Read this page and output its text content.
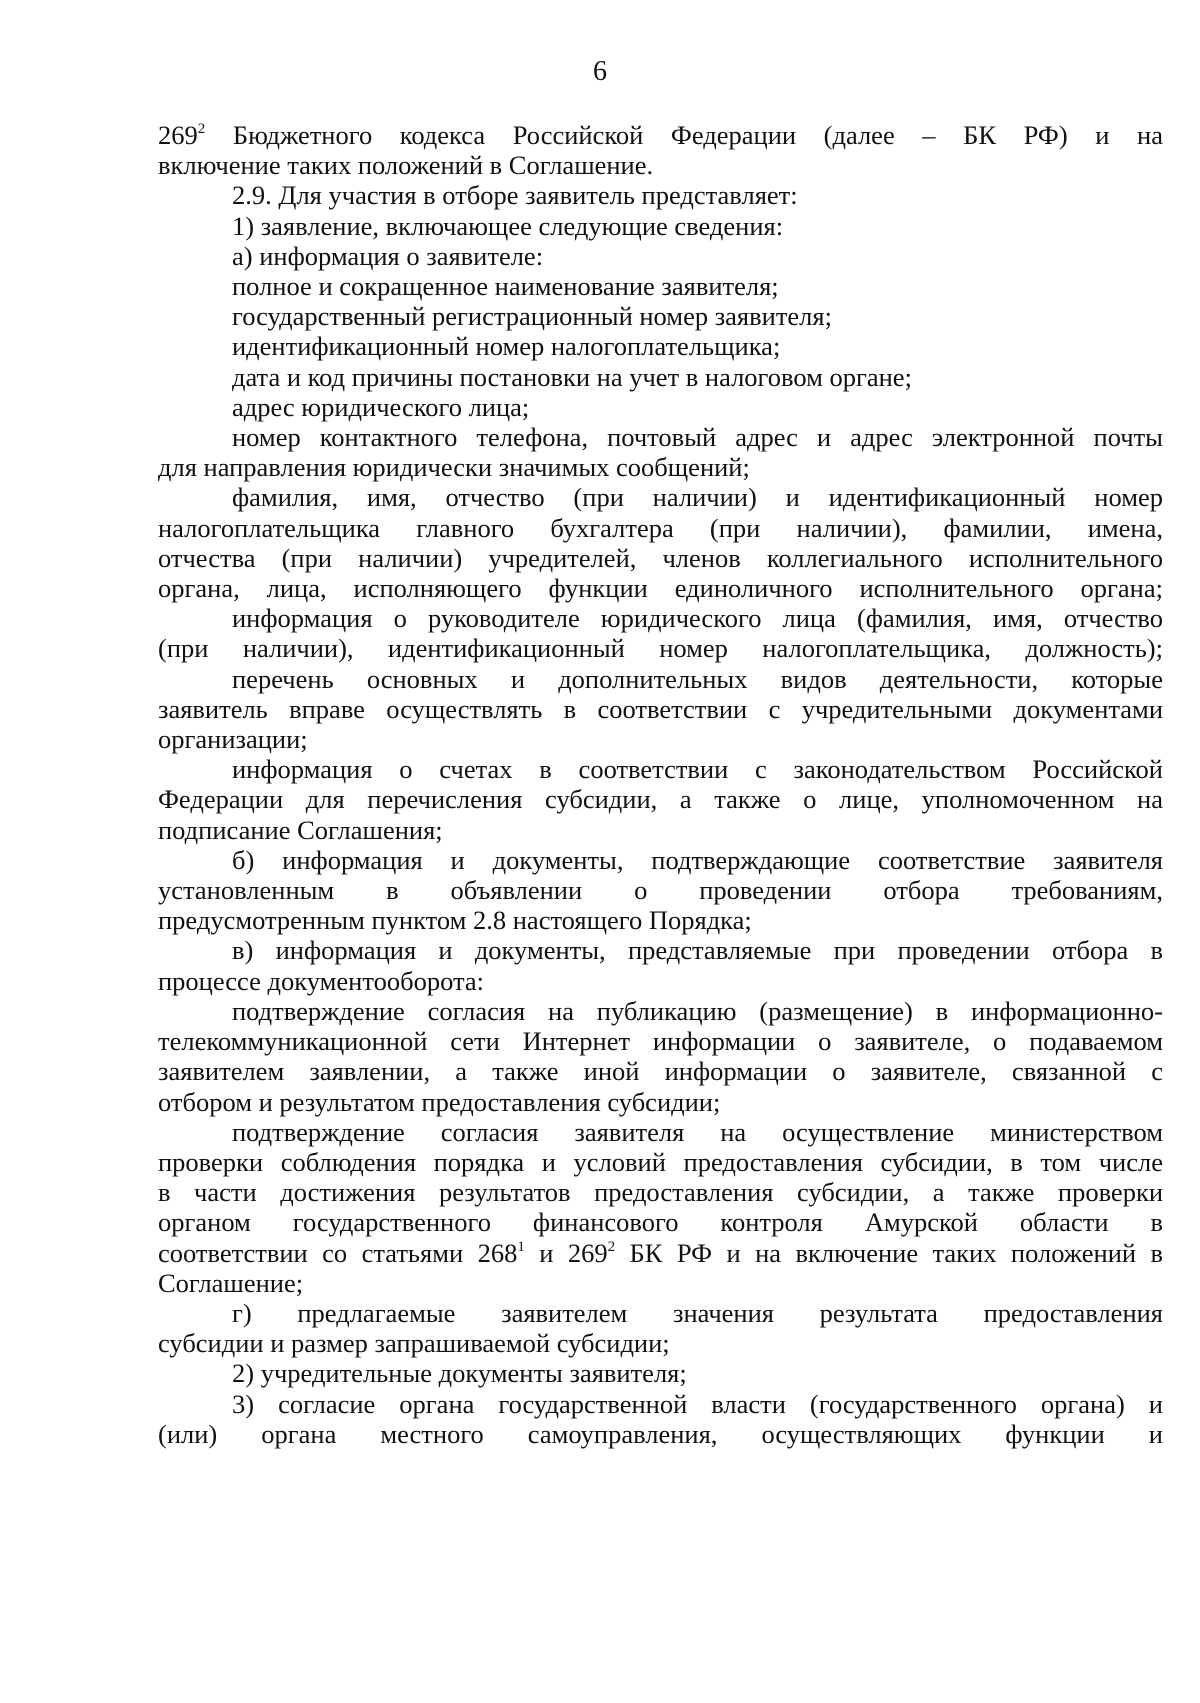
6

$269^2$ Бюджетного кодекса Российской Федерации (далее – БК РФ) и на

включение таких положений в Соглашение.

2.9. Для участия в отборе заявитель представляет:

1) заявление, включающее следующие сведения:

а) информация о заявителе:

полное и сокращенное наименование заявителя;

государственный регистрационный номер заявителя;

идентификационный номер налогоплательщика;

дата и код причины постановки на учет в налоговом органе;

адрес юридического лица;

номер контактного телефона, почтовый адрес и адрес электронной почты

для направления юридически значимых сообщений;

фамилия, имя, отчество (при наличии) и идентификационный номер

налогоплательщика главного бухгалтера (при наличии), фамилии, имена,

отчества (при наличии) учредителей, членов коллегиального исполнительного

органа, лица, исполняющего функции единоличного исполнительного органа;

информация о руководителе юридического лица (фамилия, имя, отчество

(при наличии), идентификационный номер налогоплательщика, должность);

перечень основных и дополнительных видов деятельности, которые

заявитель вправе осуществлять в соответствии с учредительными документами

организации;

информация о счетах в соответствии с законодательством Российской

Федерации для перечисления субсидии, а также о лице, уполномоченном на

подписание Соглашения;

б) информация и документы, подтверждающие соответствие заявителя

установленным в объявлении о проведении отбора требованиям,

предусмотренным пунктом 2.8 настоящего Порядка;

в) информация и документы, представляемые при проведении отбора в

процессе документооборота:

подтверждение согласия на публикацию (размещение) в информационно-

телекоммуникационной сети Интернет информации о заявителе, о подаваемом

заявителем заявлении, а также иной информации о заявителе, связанной с

отбором и результатом предоставления субсидии;

подтверждение согласия заявителя на осуществление министерством

проверки соблюдения порядка и условий предоставления субсидии, в том числе

в части достижения результатов предоставления субсидии, а также проверки

органом государственного финансового контроля Амурской области в

соответствии со статьями $268^1$ и $269^2$ БК РФ и на включение таких положений в

Соглашение;

г) предлагаемые заявителем значения результата предоставления

субсидии и размер запрашиваемой субсидии;

2) учредительные документы заявителя;

3) согласие органа государственной власти (государственного органа) и

(или) органа местного самоуправления, осуществляющих функции и
